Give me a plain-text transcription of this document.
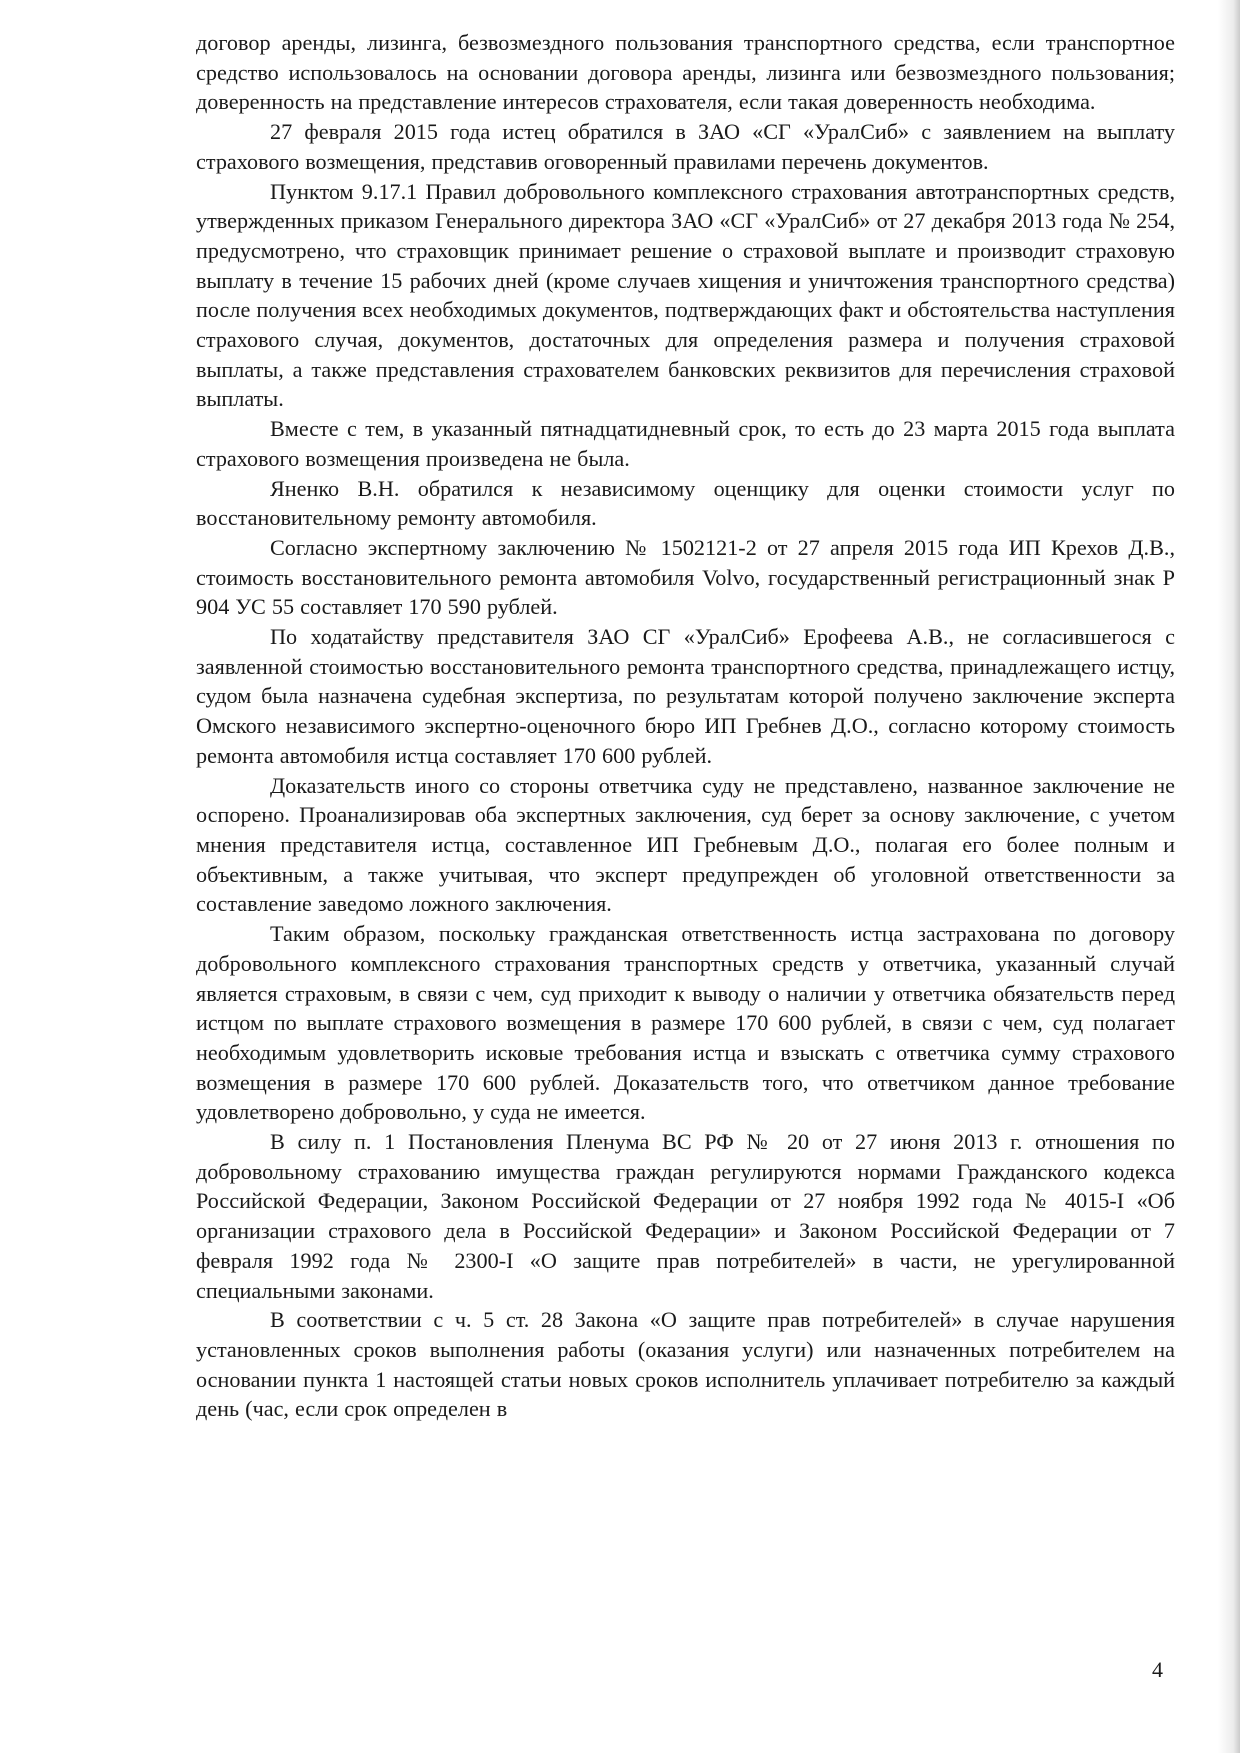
договор аренды, лизинга, безвозмездного пользования транспортного средства, если транспортное средство использовалось на основании договора аренды, лизинга или безвозмездного пользования; доверенность на представление интересов страхователя, если такая доверенность необходима.

27 февраля 2015 года истец обратился в ЗАО «СГ «УралСиб» с заявлением на выплату страхового возмещения, представив оговоренный правилами перечень документов.

Пунктом 9.17.1 Правил добровольного комплексного страхования автотранспортных средств, утвержденных приказом Генерального директора ЗАО «СГ «УралСиб» от 27 декабря 2013 года № 254, предусмотрено, что страховщик принимает решение о страховой выплате и производит страховую выплату в течение 15 рабочих дней (кроме случаев хищения и уничтожения транспортного средства) после получения всех необходимых документов, подтверждающих факт и обстоятельства наступления страхового случая, документов, достаточных для определения размера и получения страховой выплаты, а также представления страхователем банковских реквизитов для перечисления страховой выплаты.

Вместе с тем, в указанный пятнадцатидневный срок, то есть до 23 марта 2015 года выплата страхового возмещения произведена не была.

Яненко В.Н. обратился к независимому оценщику для оценки стоимости услуг по восстановительному ремонту автомобиля.

Согласно экспертному заключению № 1502121-2 от 27 апреля 2015 года ИП Крехов Д.В., стоимость восстановительного ремонта автомобиля Volvo, государственный регистрационный знак Р 904 УС 55 составляет 170 590 рублей.

По ходатайству представителя ЗАО СГ «УралСиб» Ерофеева А.В., не согласившегося с заявленной стоимостью восстановительного ремонта транспортного средства, принадлежащего истцу, судом была назначена судебная экспертиза, по результатам которой получено заключение эксперта Омского независимого экспертно-оценочного бюро ИП Гребнев Д.О., согласно которому стоимость ремонта автомобиля истца составляет 170 600 рублей.

Доказательств иного со стороны ответчика суду не представлено, названное заключение не оспорено. Проанализировав оба экспертных заключения, суд берет за основу заключение, с учетом мнения представителя истца, составленное ИП Гребневым Д.О., полагая его более полным и объективным, а также учитывая, что эксперт предупрежден об уголовной ответственности за составление заведомо ложного заключения.

Таким образом, поскольку гражданская ответственность истца застрахована по договору добровольного комплексного страхования транспортных средств у ответчика, указанный случай является страховым, в связи с чем, суд приходит к выводу о наличии у ответчика обязательств перед истцом по выплате страхового возмещения в размере 170 600 рублей, в связи с чем, суд полагает необходимым удовлетворить исковые требования истца и взыскать с ответчика сумму страхового возмещения в размере 170 600 рублей. Доказательств того, что ответчиком данное требование удовлетворено добровольно, у суда не имеется.

В силу п. 1 Постановления Пленума ВС РФ № 20 от 27 июня 2013 г. отношения по добровольному страхованию имущества граждан регулируются нормами Гражданского кодекса Российской Федерации, Законом Российской Федерации от 27 ноября 1992 года № 4015-I «Об организации страхового дела в Российской Федерации» и Законом Российской Федерации от 7 февраля 1992 года № 2300-I «О защите прав потребителей» в части, не урегулированной специальными законами.

В соответствии с ч. 5 ст. 28 Закона «О защите прав потребителей» в случае нарушения установленных сроков выполнения работы (оказания услуги) или назначенных потребителем на основании пункта 1 настоящей статьи новых сроков исполнитель уплачивает потребителю за каждый день (час, если срок определен в

4
